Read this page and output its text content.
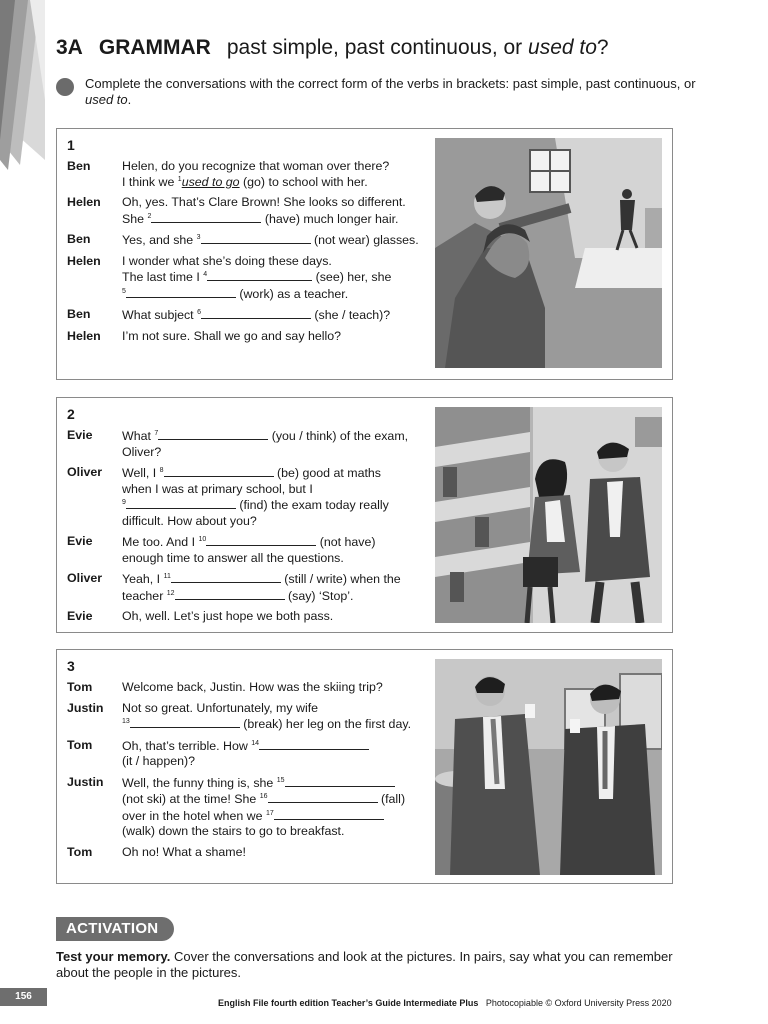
3A GRAMMAR past simple, past continuous, or used to?
Complete the conversations with the correct form of the verbs in brackets: past simple, past continuous, or used to.
1
Ben	Helen, do you recognize that woman over there?
I think we $^1$used to go (go) to school with her.
Helen	Oh, yes. That’s Clare Brown! She looks so different.
She $^2$	(have) much longer hair.
Ben	Yes, and she $^3$	(not wear) glasses.
Helen	I wonder what she’s doing these days.
The last time I $^4$	(see) her, she
$^5$	(work) as a teacher.
Ben	What subject $^6$	(she / teach)?
Helen	I’m not sure. Shall we go and say hello?
2
Evie	What $^7$	(you / think) of the exam,
Oliver?
Oliver	Well, I $^8$	(be) good at maths
when I was at primary school, but I
$^9$	(find) the exam today really
difficult. How about you?
Evie	Me too. And I $^{10}$	(not have)
enough time to answer all the questions.
Oliver	Yeah, I $^{11}$	(still / write) when the
teacher $^{12}$	(say) ‘Stop’.
Evie	Oh, well. Let’s just hope we both pass.
3
Tom	Welcome back, Justin. How was the skiing trip?
Justin	Not so great. Unfortunately, my wife
$^{13}$	(break) her leg on the first day.
Tom	Oh, that’s terrible. How $^{14}$
(it / happen)?
Justin	Well, the funny thing is, she $^{15}$
(not ski) at the time! She $^{16}$	(fall)
over in the hotel when we $^{17}$
(walk) down the stairs to go to breakfast.
Tom	Oh no! What a shame!
ACTIVATION
Test your memory. Cover the conversations and look at the pictures. In pairs, say what you can remember about the people in the pictures.
156
English File fourth edition Teacher’s Guide Intermediate Plus Photocopiable © Oxford University Press 2020
